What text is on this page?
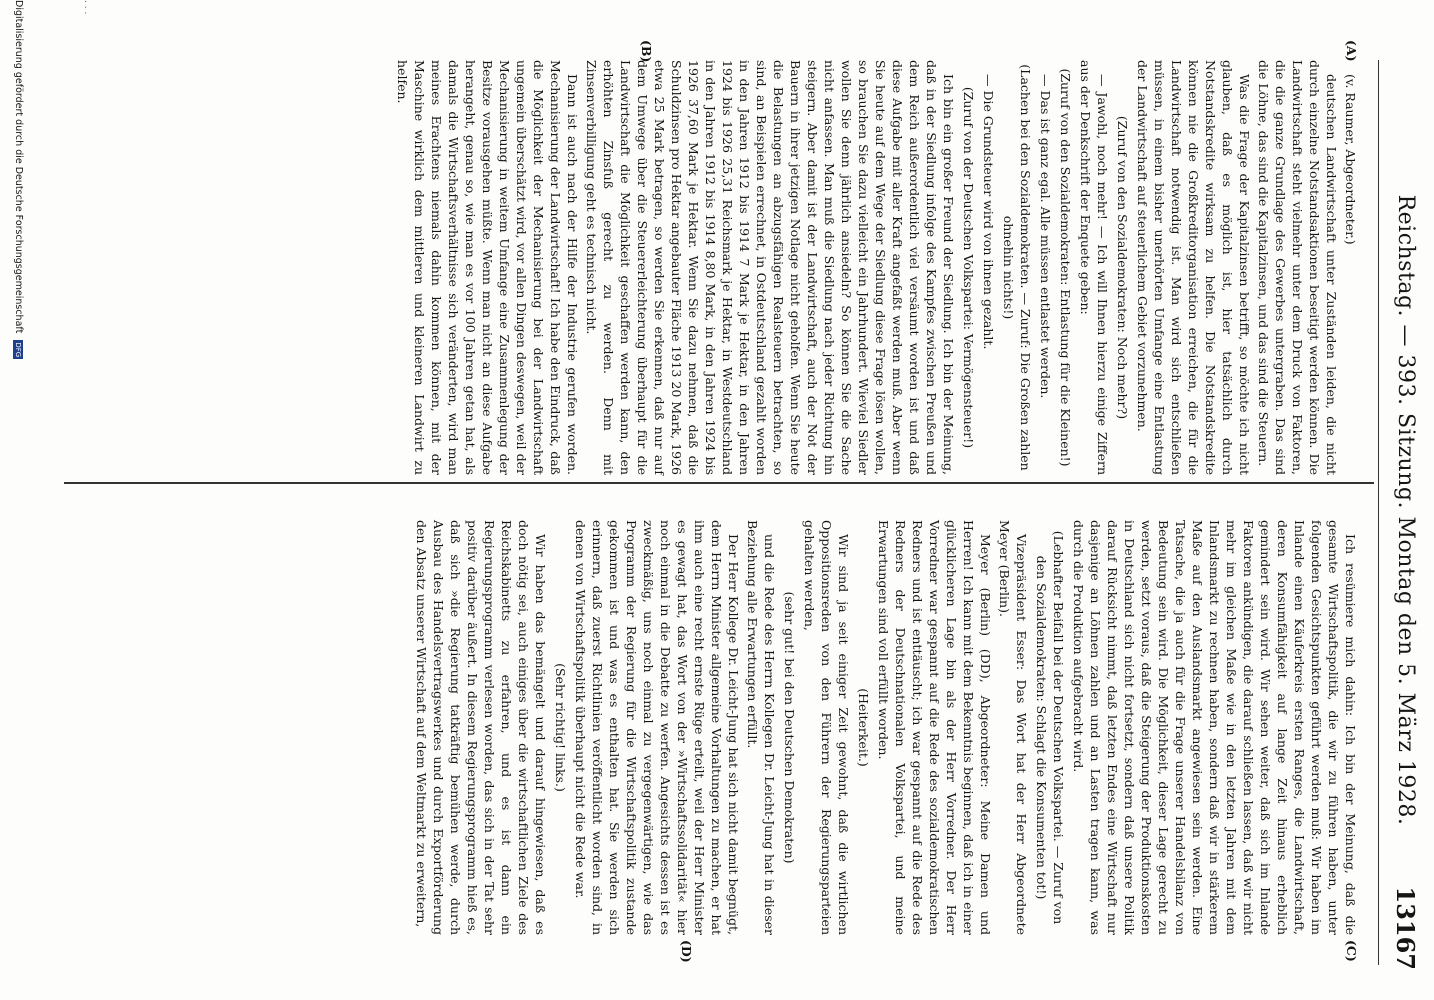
Reichstag. — 393. Sitzung. Montag den 5. März 1928.
13167
(A)
(B)
(C)
(D)

(v. Raumer, Abgeordneter.)

deutschen Landwirtschaft unter Zuständen leiden, die nicht durch einzelne Notstandsaktionen beseitigt werden können. Die Landwirtschaft steht vielmehr unter dem Druck von Faktoren, die die ganze Grundlage des Gewerbes untergraben. Das sind die Löhne, das sind die Kapitalzinsen, und das sind die Steuern.

Was die Frage der Kapitalzinsen betrifft, so möchte ich nicht glauben, daß es möglich ist, hier tatsächlich durch Notstandskredite wirksam zu helfen. Die Notstandskredite können nie die Großkreditorganisation erreichen, die für die Landwirtschaft notwendig ist. Man wird sich entschließen müssen, in einem bisher unerhörten Umfange eine Entlastung der Landwirtschaft auf steuerlichem Gebiet vorzunehmen.

(Zuruf von den Sozialdemokraten: Noch mehr?)

— Jawohl, noch mehr! — Ich will Ihnen hierzu einige Ziffern aus der Denkschrift der Enquete geben:

(Zuruf von den Sozialdemokraten: Entlastung für die Kleinen!)

— Das ist ganz egal. Alle müssen entlastet werden.

(Lachen bei den Sozialdemokraten. — Zuruf: Die Großen zahlen ohnehin nichts!)

— Die Grundsteuer wird von ihnen gezahlt.

(Zuruf von der Deutschen Volkspartei: Vermögensteuer!)

Ich bin ein großer Freund der Siedlung. Ich bin der Meinung, daß in der Siedlung infolge des Kampfes zwischen Preußen und dem Reich außerordentlich viel versäumt worden ist und daß diese Aufgabe mit aller Kraft angefaßt werden muß. Aber wenn Sie heute auf dem Wege der Siedlung diese Frage lösen wollen, so brauchen Sie dazu vielleicht ein Jahrhundert. Wieviel Siedler wollen Sie denn jährlich ansiedeln? So können Sie die Sache nicht anfassen. Man muß die Siedlung nach jeder Richtung hin steigern. Aber damit ist der Landwirtschaft, auch der Not der Bauern in ihrer jetzigen Notlage nicht geholfen. Wenn Sie heute die Belastungen an abzugsfähigen Realsteuern betrachten, so sind, an Beispielen errechnet, in Ostdeutschland gezahlt worden in den Jahren 1912 bis 1914 7 Mark je Hektar, in den Jahren 1924 bis 1926 25,31 Reichsmark je Hektar, in Westdeutschland in den Jahren 1912 bis 1914 8,80 Mark, in den Jahren 1924 bis 1926 37,60 Mark je Hektar. Wenn Sie dazu nehmen, daß die Schuldzinsen pro Hektar angebauter Fläche 1913 20 Mark, 1926 etwa 25 Mark betragen, so werden Sie erkennen, daß nur auf dem Umwege über die Steuererleichterung überhaupt für die Landwirtschaft die Möglichkeit geschaffen werden kann, den erhöhten Zinsfuß gerecht zu werden. Denn mit Zinsenverbilligung geht es technisch nicht.

Dann ist auch nach der Hilfe der Industrie gerufen worden. Mechanisierung der Landwirtschaft! Ich habe den Eindruck, daß die Möglichkeit der Mechanisierung bei der Landwirtschaft ungemein überschätzt wird, vor allen Dingen deswegen, weil der Mechanisierung in weitem Umfange eine Zusammenlegung der Besitze vorausgehen müßte. Wenn man nicht an diese Aufgabe herangeht, genau so, wie man es vor 100 Jahren getan hat, als damals die Wirtschaftsverhältnisse sich veränderten, wird man meines Erachtens niemals dahin kommen können, mit der Maschine wirklich dem mittleren und kleineren Landwirt zu helfen.

Ich resümiere mich dahin: Ich bin der Meinung, daß die gesamte Wirtschaftspolitik, die wir zu führen haben, unter folgenden Gesichtspunkten geführt werden muß: Wir haben im Inlande einen Käuferkreis ersten Ranges, die Landwirtschaft, deren Konsumfähigkeit auf lange Zeit hinaus erheblich gemindert sein wird. Wir sehen weiter, daß sich im Inlande Faktoren ankündigen, die darauf schließen lassen, daß wir nicht mehr im gleichen Maße wie in den letzten Jahren mit dem Inlandsmarkt zu rechnen haben, sondern daß wir in stärkerem Maße auf den Auslandsmarkt angewiesen sein werden. Eine Tatsache, die ja auch für die Frage unserer Handelsbilanz von Bedeutung sein wird. Die Möglichkeit, dieser Lage gerecht zu werden, setzt voraus, daß die Steigerung der Produktionskosten in Deutschland sich nicht fortsetzt, sondern daß unsere Politik darauf Rücksicht nimmt, daß letzten Endes eine Wirtschaft nur dasjenige an Löhnen zahlen und an Lasten tragen kann, was durch die Produktion aufgebracht wird.

(Lebhafter Beifall bei der Deutschen Volkspartei. — Zuruf von den Sozialdemokraten: Schlagt die Konsumenten tot!)

Vizepräsident Esser: Das Wort hat der Herr Abgeordnete Meyer (Berlin).

Meyer (Berlin) (DD), Abgeordneter: Meine Damen und Herren! Ich kann mit dem Bekenntnis beginnen, daß ich in einer glücklicheren Lage bin als der Herr Vorredner. Der Herr Vorredner war gespannt auf die Rede des sozialdemokratischen Redners und ist enttäuscht; ich war gespannt auf die Rede des Redners der Deutschnationalen Volkspartei, und meine Erwartungen sind voll erfüllt worden.

(Heiterkeit.)

Wir sind ja seit einiger Zeit gewohnt, daß die wirtlichen Oppositionsreden von den Führern der Regierungsparteien gehalten werden,

(sehr gut! bei den Deutschen Demokraten)

und die Rede des Herrn Kollegen Dr. Leicht-Jung hat in dieser Beziehung alle Erwartungen erfüllt.

Der Herr Kollege Dr. Leicht-Jung hat sich nicht damit begnügt, dem Herrn Minister allgemeine Vorhaltungen zu machen, er hat ihm auch eine recht ernste Rüge erteilt, weil der Herr Minister es gewagt hat, das Wort von der »Wirtschaftssolidarität« hier noch einmal in die Debatte zu werfen. Angesichts dessen ist es zweckmäßig, uns noch einmal zu vergegenwärtigen, wie das Programm der Regierung für die Wirtschaftspolitik zustande gekommen ist und was es enthalten hat. Sie werden sich erinnern, daß zuerst Richtlinien veröffentlicht worden sind, in denen von Wirtschaftspolitik überhaupt nicht die Rede war.

(Sehr richtig! links.)

Wir haben das bemängelt und darauf hingewiesen, daß es doch nötig sei, auch einiges über die wirtschaftlichen Ziele des Reichskabinetts zu erfahren, und es ist dann ein Regierungsprogramm verlesen worden, das sich in der Tat sehr positiv darüber äußert. In diesem Regierungsprogramm hieß es, daß sich »die Regierung tatkräftig bemühen werde, durch Ausbau des Handelsvertragswerkes und durch Exportförderung den Absatz unserer Wirtschaft auf dem Weltmarkt zu erweitern,

. . .
Digitalisierung gefördert durch die Deutsche Forschungsgemeinschaft DFG
